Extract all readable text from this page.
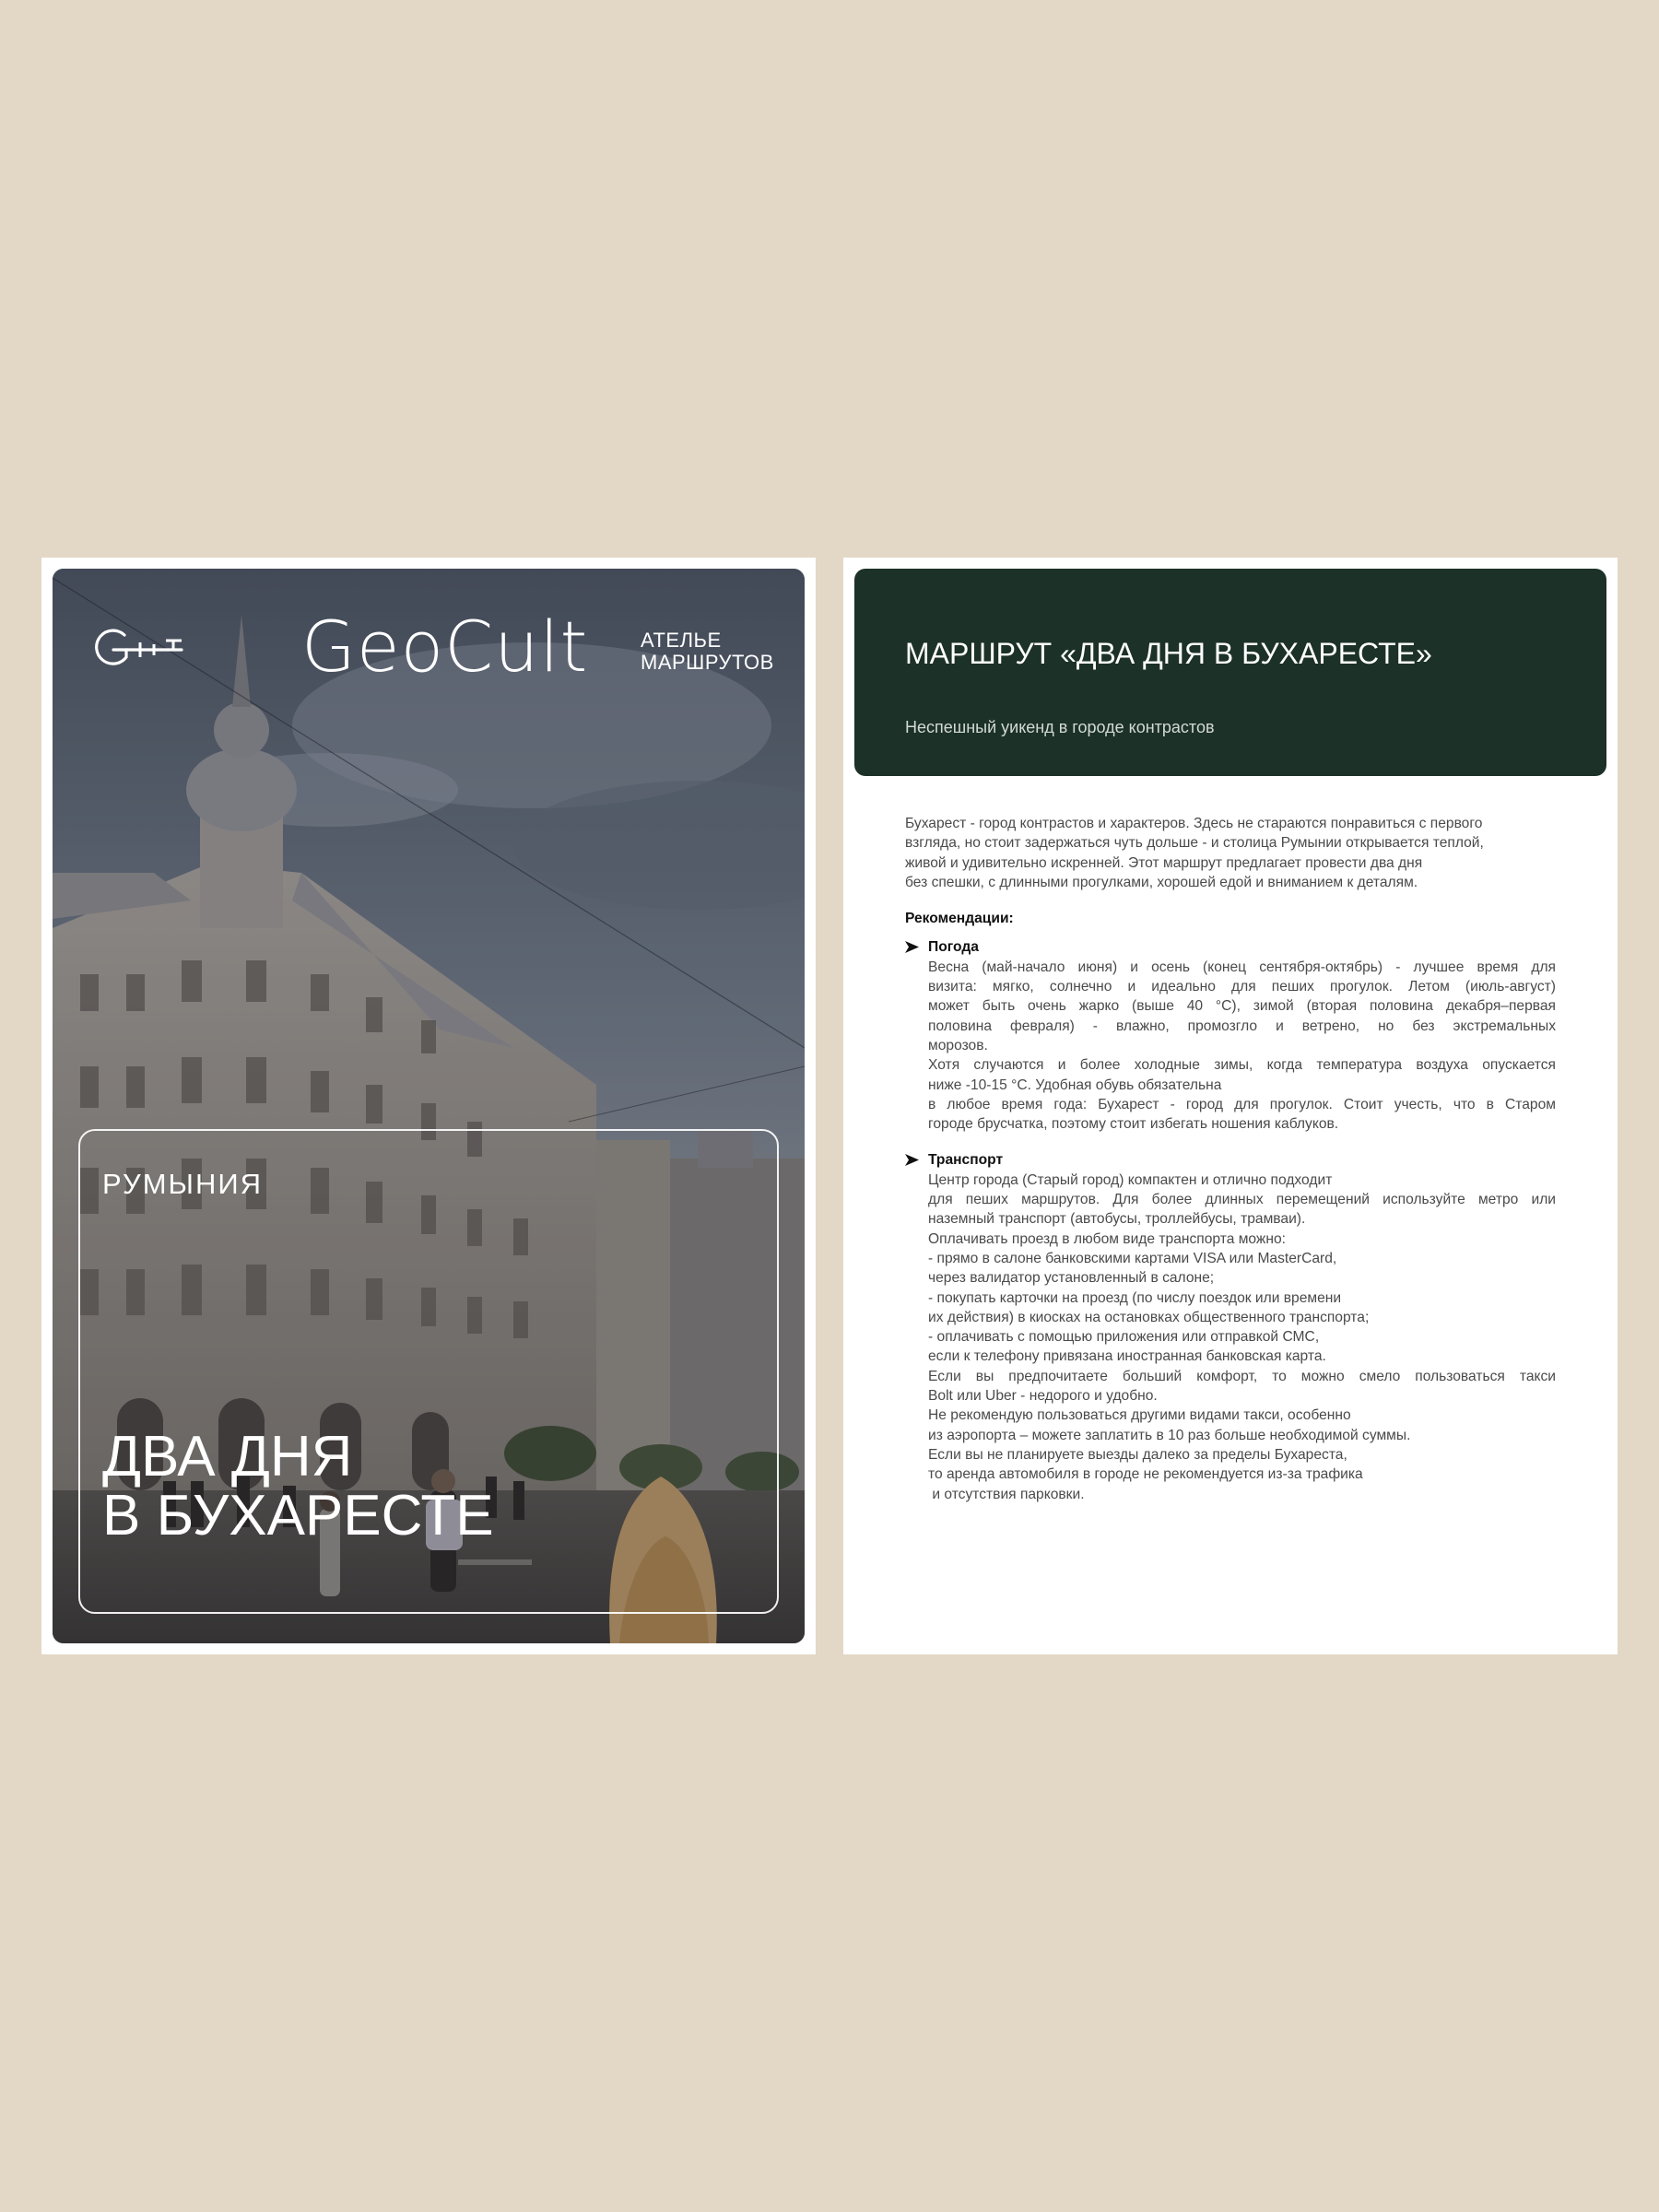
GeoCult	АТЕЛЬЕ
МАРШРУТОВ
РУМЫНИЯ
ДВА ДНЯ
В БУХАРЕСТЕ
МАРШРУТ «ДВА ДНЯ В БУХАРЕСТЕ»
Неспешный уикенд в городе контрастов
Бухарест - город контрастов и характеров. Здесь не стараются понравиться с первого
взгляда, но стоит задержаться чуть дольше - и столица Румынии открывается теплой,
живой и удивительно искренней. Этот маршрут предлагает провести два дня
без спешки, с длинными прогулками, хорошей едой и вниманием к деталям.

Рекомендации:

Погода

Весна (май-начало июня) и осень (конец сентября-октябрь) - лучшее время для
визита: мягко, солнечно и идеально для пеших прогулок. Летом (июль-август)
может быть очень жарко (выше 40 °C), зимой (вторая половина декабря–первая
половина февраля) - влажно, промозгло и ветрено, но без экстремальных
морозов.
Хотя случаются и более холодные зимы, когда температура воздуха опускается
ниже -10-15 °С. Удобная обувь обязательна
в любое время года: Бухарест - город для прогулок. Стоит учесть, что в Старом
городе брусчатка, поэтому стоит избегать ношения каблуков.

Транспорт

Центр города (Старый город) компактен и отлично подходит
для пеших маршрутов. Для более длинных перемещений используйте метро или
наземный транспорт (автобусы, троллейбусы, трамваи).
Оплачивать проезд в любом виде транспорта можно:
- прямо в салоне банковскими картами VISA или MasterCard,
через валидатор установленный в салоне;
- покупать карточки на проезд (по числу поездок или времени
их действия) в киосках на остановках общественного транспорта;
- оплачивать с помощью приложения или отправкой СМС,
если к телефону привязана иностранная банковская карта.
Если вы предпочитаете больший комфорт, то можно смело пользоваться такси
Bolt или Uber - недорого и удобно.
Не рекомендую пользоваться другими видами такси, особенно
из аэропорта – можете заплатить в 10 раз больше необходимой суммы.
Если вы не планируете выезды далеко за пределы Бухареста,
то аренда автомобиля в городе не рекомендуется из-за трафика
и отсутствия парковки.
